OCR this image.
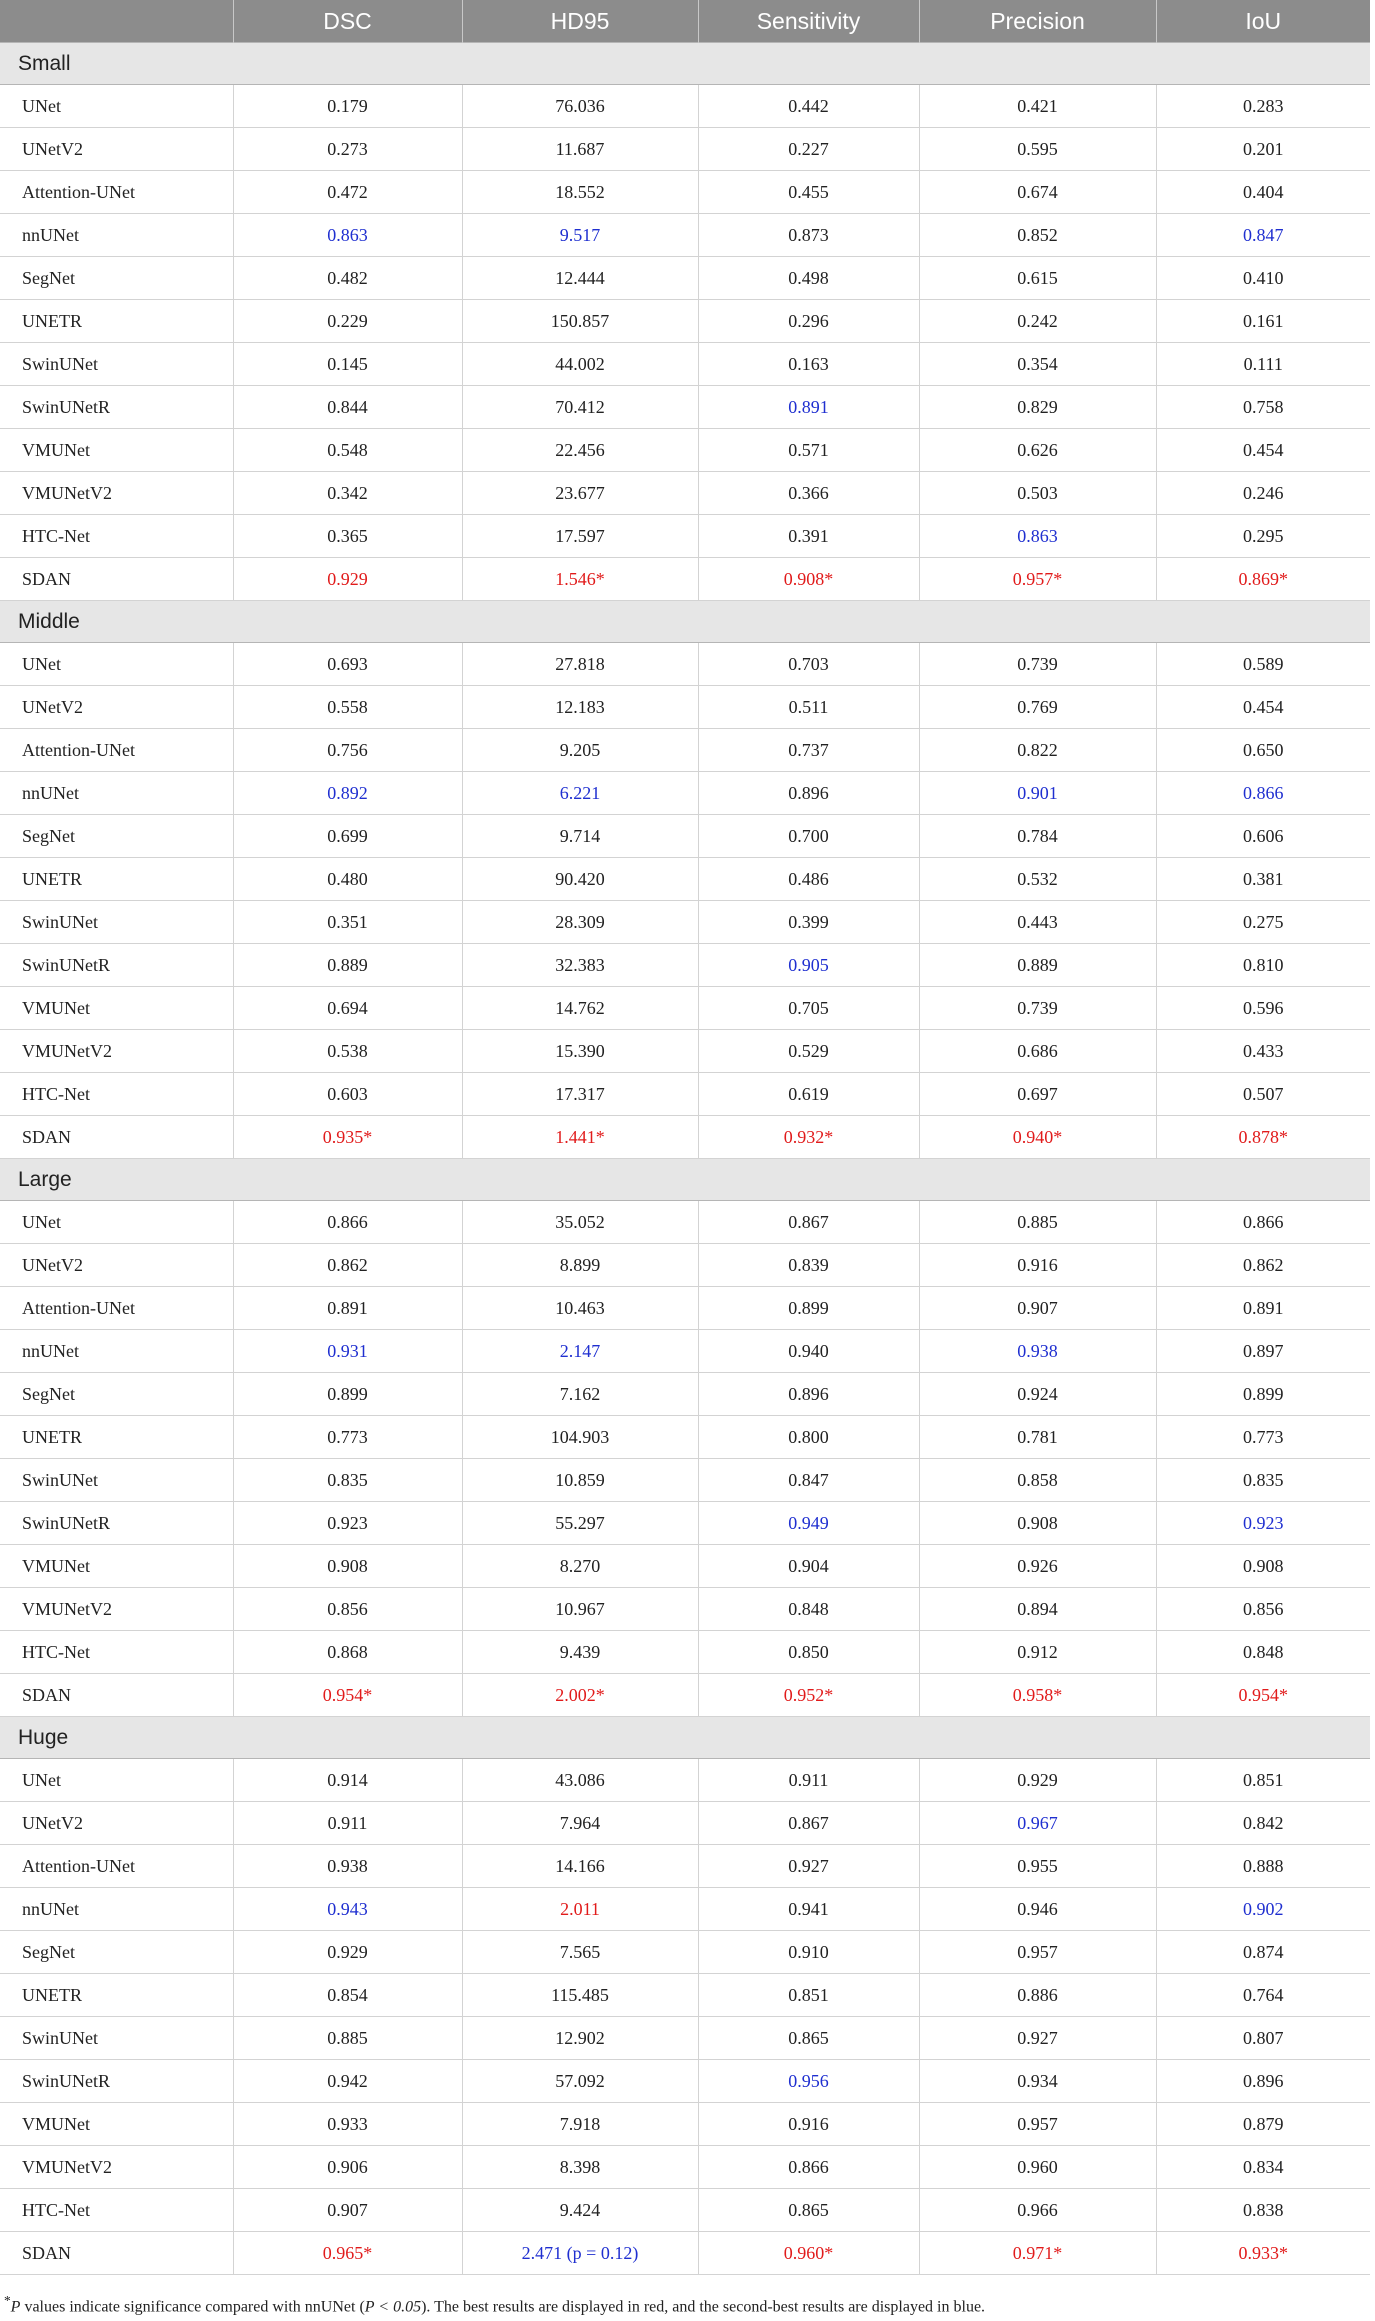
	DSC	HD95	Sensitivity	Precision	IoU
Small					
UNet	0.179	76.036	0.442	0.421	0.283
UNetV2	0.273	11.687	0.227	0.595	0.201
Attention-UNet	0.472	18.552	0.455	0.674	0.404
nnUNet	0.863	9.517	0.873	0.852	0.847
SegNet	0.482	12.444	0.498	0.615	0.410
UNETR	0.229	150.857	0.296	0.242	0.161
SwinUNet	0.145	44.002	0.163	0.354	0.111
SwinUNetR	0.844	70.412	0.891	0.829	0.758
VMUNet	0.548	22.456	0.571	0.626	0.454
VMUNetV2	0.342	23.677	0.366	0.503	0.246
HTC-Net	0.365	17.597	0.391	0.863	0.295
SDAN	0.929	1.546*	0.908*	0.957*	0.869*
Middle					
UNet	0.693	27.818	0.703	0.739	0.589
UNetV2	0.558	12.183	0.511	0.769	0.454
Attention-UNet	0.756	9.205	0.737	0.822	0.650
nnUNet	0.892	6.221	0.896	0.901	0.866
SegNet	0.699	9.714	0.700	0.784	0.606
UNETR	0.480	90.420	0.486	0.532	0.381
SwinUNet	0.351	28.309	0.399	0.443	0.275
SwinUNetR	0.889	32.383	0.905	0.889	0.810
VMUNet	0.694	14.762	0.705	0.739	0.596
VMUNetV2	0.538	15.390	0.529	0.686	0.433
HTC-Net	0.603	17.317	0.619	0.697	0.507
SDAN	0.935*	1.441*	0.932*	0.940*	0.878*
Large					
UNet	0.866	35.052	0.867	0.885	0.866
UNetV2	0.862	8.899	0.839	0.916	0.862
Attention-UNet	0.891	10.463	0.899	0.907	0.891
nnUNet	0.931	2.147	0.940	0.938	0.897
SegNet	0.899	7.162	0.896	0.924	0.899
UNETR	0.773	104.903	0.800	0.781	0.773
SwinUNet	0.835	10.859	0.847	0.858	0.835
SwinUNetR	0.923	55.297	0.949	0.908	0.923
VMUNet	0.908	8.270	0.904	0.926	0.908
VMUNetV2	0.856	10.967	0.848	0.894	0.856
HTC-Net	0.868	9.439	0.850	0.912	0.848
SDAN	0.954*	2.002*	0.952*	0.958*	0.954*
Huge					
UNet	0.914	43.086	0.911	0.929	0.851
UNetV2	0.911	7.964	0.867	0.967	0.842
Attention-UNet	0.938	14.166	0.927	0.955	0.888
nnUNet	0.943	2.011	0.941	0.946	0.902
SegNet	0.929	7.565	0.910	0.957	0.874
UNETR	0.854	115.485	0.851	0.886	0.764
SwinUNet	0.885	12.902	0.865	0.927	0.807
SwinUNetR	0.942	57.092	0.956	0.934	0.896
VMUNet	0.933	7.918	0.916	0.957	0.879
VMUNetV2	0.906	8.398	0.866	0.960	0.834
HTC-Net	0.907	9.424	0.865	0.966	0.838
SDAN	0.965*	2.471 (p = 0.12)	0.960*	0.971*	0.933*
*P values indicate significance compared with nnUNet (P < 0.05). The best results are displayed in red, and the second-best results are displayed in blue.
